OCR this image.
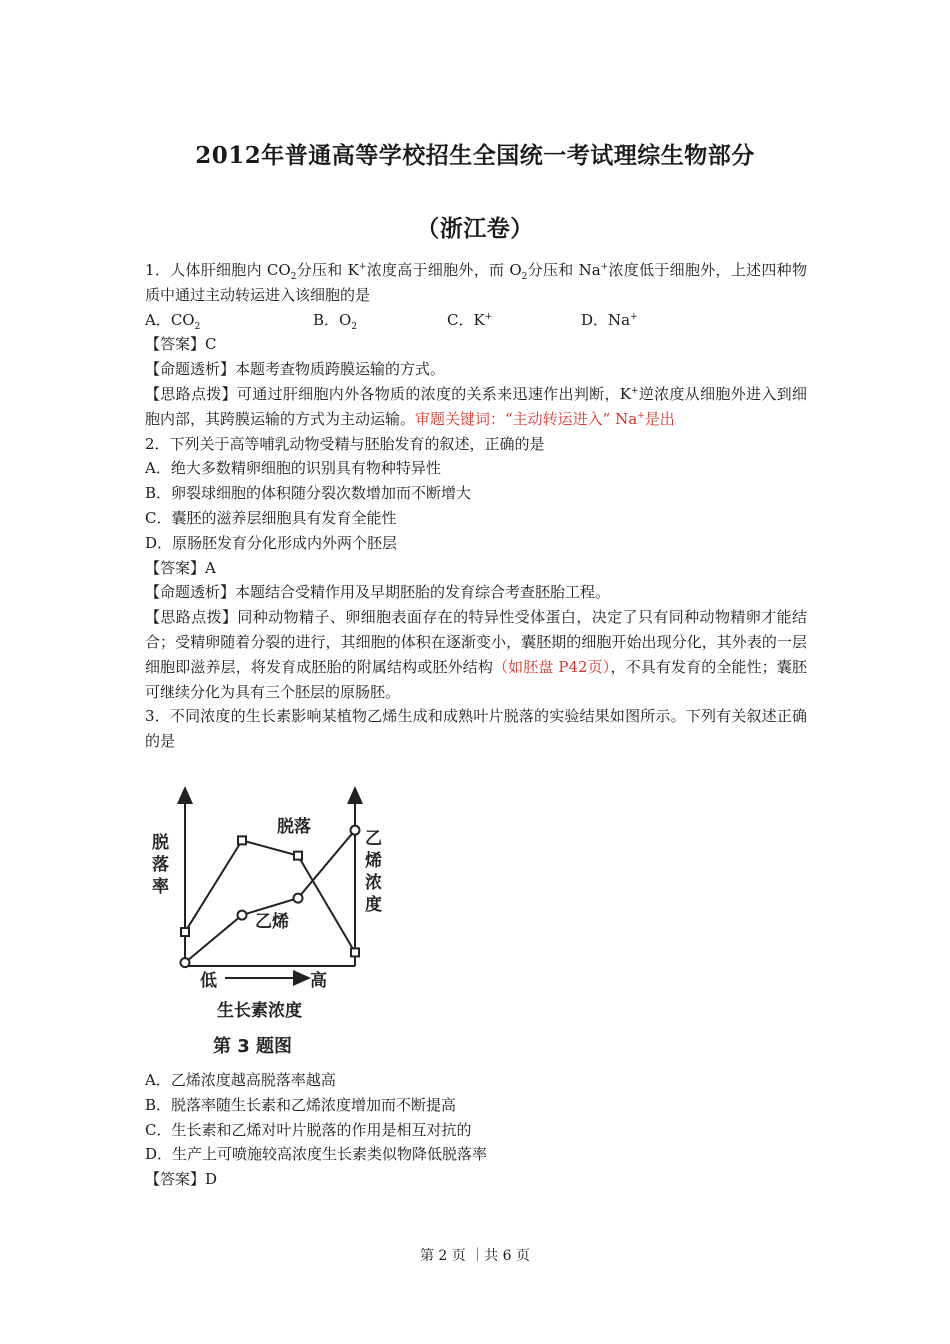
2012年普通高等学校招生全国统一考试理综生物部分
（浙江卷）

1．人体肝细胞内 $CO_2$分压和 K+浓度高于细胞外，而 $O_2$分压和 Na+浓度低于细胞外，上述四种物质中通过主动转运进入该细胞的是

A．$CO_2$	B．$O_2$	C．K+	D．Na+

【答案】C

【命题透析】本题考查物质跨膜运输的方式。

【思路点拨】可通过肝细胞内外各物质的浓度的关系来迅速作出判断，K+逆浓度从细胞外进入到细胞内部，其跨膜运输的方式为主动运输。审题关键词：“主动转运进入” Na+是出

2．下列关于高等哺乳动物受精与胚胎发育的叙述，正确的是

A．绝大多数精卵细胞的识别具有物种特异性

B．卵裂球细胞的体积随分裂次数增加而不断增大

C．囊胚的滋养层细胞具有发育全能性

D．原肠胚发育分化形成内外两个胚层

【答案】A

【命题透析】本题结合受精作用及早期胚胎的发育综合考查胚胎工程。

【思路点拨】同种动物精子、卵细胞表面存在的特异性受体蛋白，决定了只有同种动物精卵才能结合；受精卵随着分裂的进行，其细胞的体积在逐渐变小，囊胚期的细胞开始出现分化，其外表的一层细胞即滋养层，将发育成胚胎的附属结构或胚外结构（如胚盘 P42页），不具有发育的全能性；囊胚可继续分化为具有三个胚层的原肠胚。

3．不同浓度的生长素影响某植物乙烯生成和成熟叶片脱落的实验结果如图所示。下列有关叙述正确的是

脱
落
率
乙
烯
浓
度
脱落
乙烯
低	高
生长素浓度
第 3 题图

A．乙烯浓度越高脱落率越高

B．脱落率随生长素和乙烯浓度增加而不断提高

C．生长素和乙烯对叶片脱落的作用是相互对抗的

D．生产上可喷施较高浓度生长素类似物降低脱落率

【答案】D

第 2 页 ｜共 6 页
